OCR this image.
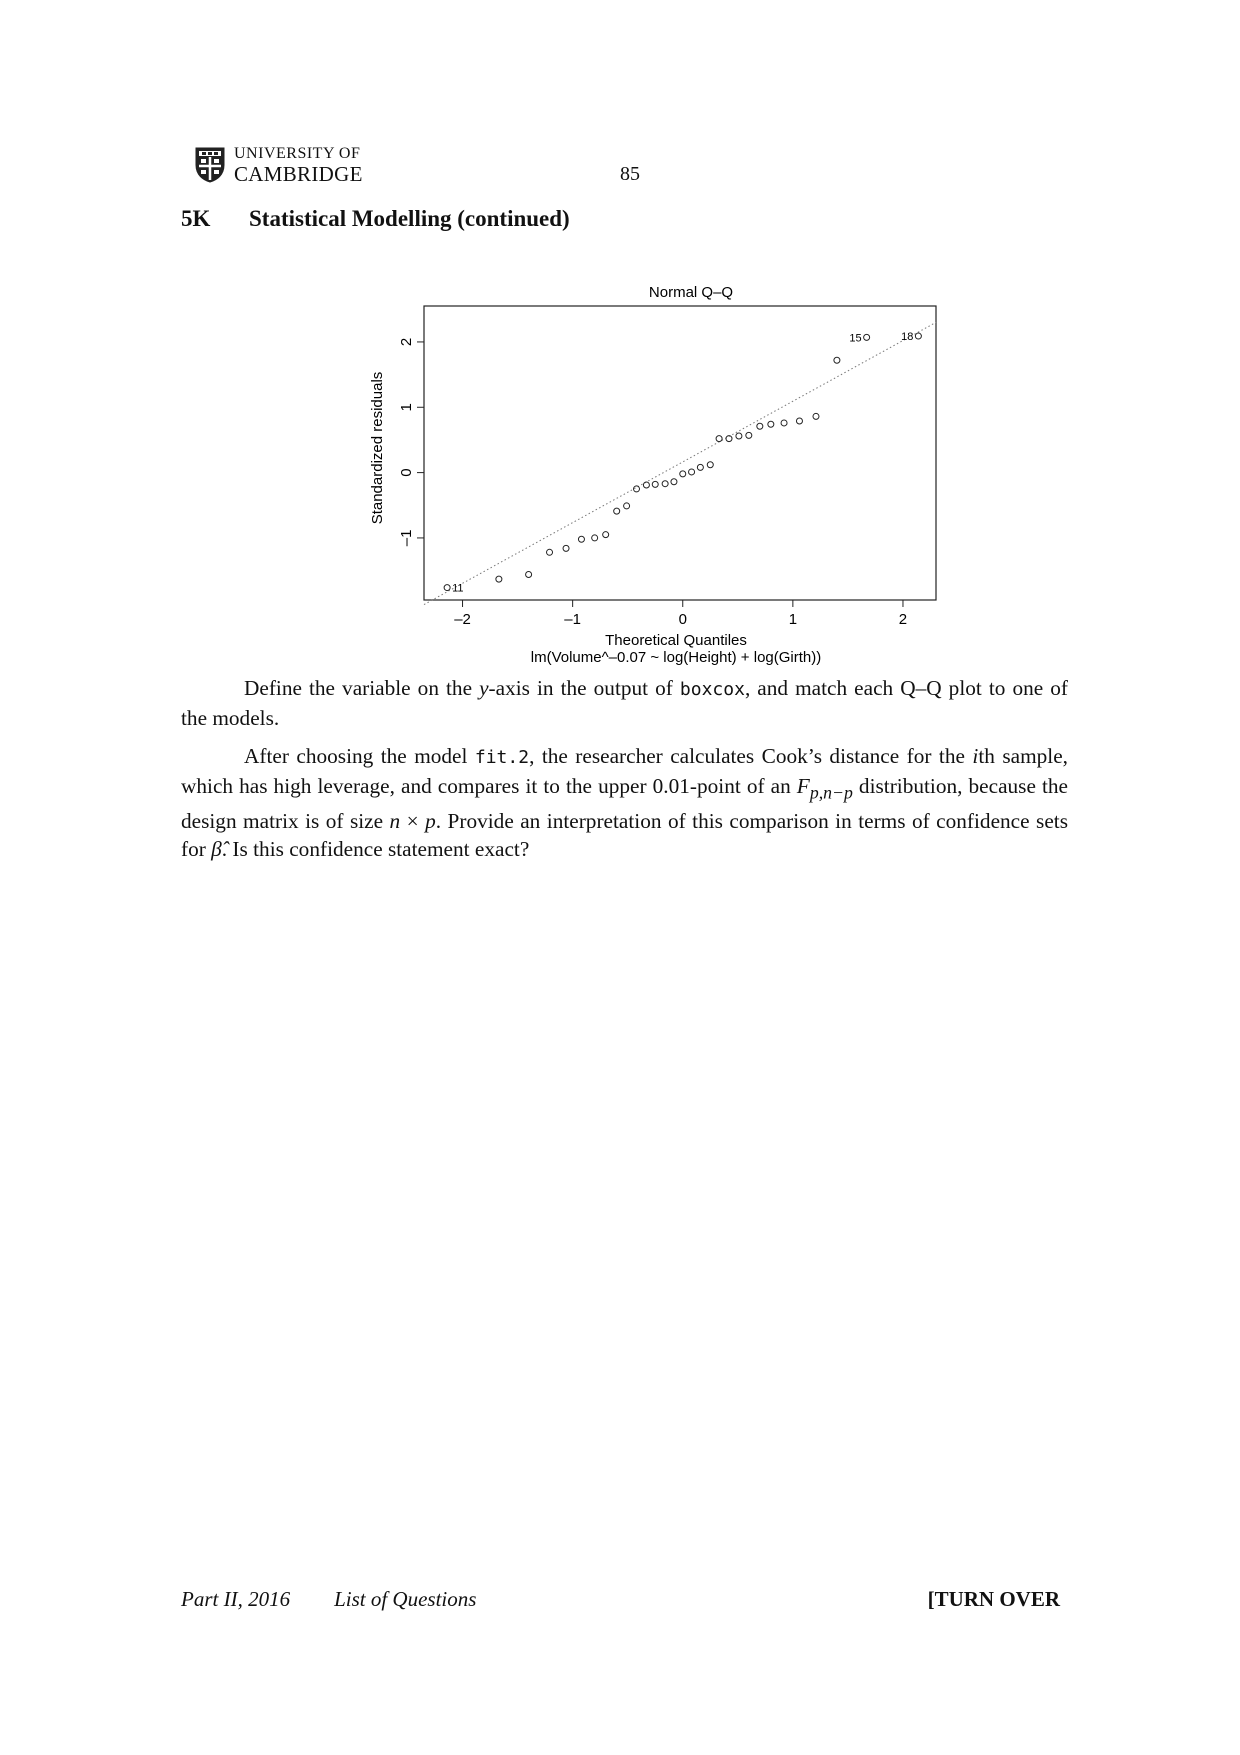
UNIVERSITY OF
CAMBRIDGE	85
5K Statistical Modelling (continued)
Normal Q–Q
Standardized residuals
Theoretical Quantiles
lm(Volume^–0.07 ~ log(Height) + log(Girth))
–2	–1	0	1	2
–1
0
1
2
11
15	18

Define the variable on the y-axis in the output of boxcox, and match each Q–Q plot to one of the models.

After choosing the model fit.2, the researcher calculates Cook’s distance for the ith sample, which has high leverage, and compares it to the upper 0.01-point of an $F_{p,n-p}$ distribution, because the design matrix is of size n × p. Provide an interpretation of this comparison in terms of confidence sets for β̂. Is this confidence statement exact?

Part II, 2016 List of Questions	[TURN OVER
